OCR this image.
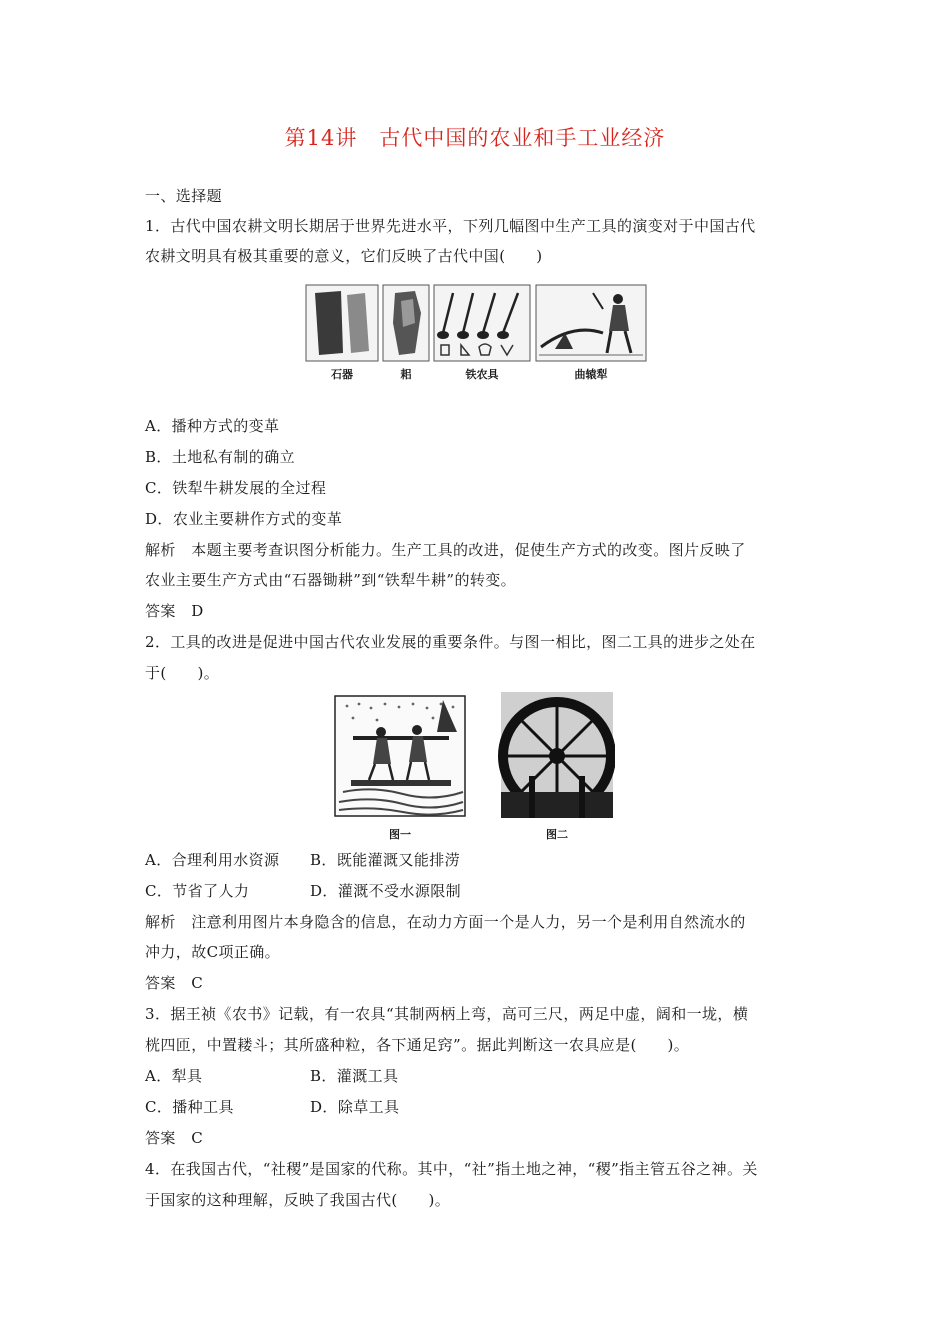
第14讲　古代中国的农业和手工业经济
一、选择题
1．古代中国农耕文明长期居于世界先进水平，下列几幅图中生产工具的演变对于中国古代
农耕文明具有极其重要的意义，它们反映了古代中国(　　)
石器	耜	铁农具	曲辕犁
A．播种方式的变革
B．土地私有制的确立
C．铁犁牛耕发展的全过程
D．农业主要耕作方式的变革
解析　本题主要考查识图分析能力。生产工具的改进，促使生产方式的改变。图片反映了
农业主要生产方式由“石器锄耕”到“铁犁牛耕”的转变。
答案　D
2．工具的改进是促进中国古代农业发展的重要条件。与图一相比，图二工具的进步之处在
于(　　)。
图一	图二
A．合理利用水资源	B．既能灌溉又能排涝
C．节省了人力	D．灌溉不受水源限制
解析　注意利用图片本身隐含的信息，在动力方面一个是人力，另一个是利用自然流水的
冲力，故C项正确。
答案　C
3．据王祯《农书》记载，有一农具“其制两柄上弯，高可三尺，两足中虚，阔和一垅，横
桄四匝，中置耧斗；其所盛种粒，各下通足窍”。据此判断这一农具应是(　　)。
A．犁具	B．灌溉工具
C．播种工具	D．除草工具
答案　C
4．在我国古代，“社稷”是国家的代称。其中，“社”指土地之神，“稷”指主管五谷之神。关
于国家的这种理解，反映了我国古代(　　)。
